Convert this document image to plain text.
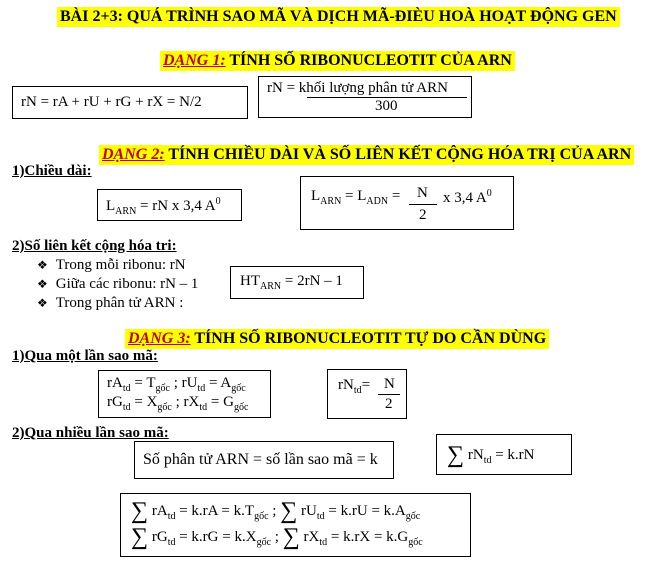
BÀI 2+3: QUÁ TRÌNH SAO MÃ VÀ DỊCH MÃ-ĐIÈU HOÀ HOẠT ĐỘNG GEN
DẠNG 1: TÍNH SỐ RIBONUCLEOTIT CỦA ARN
rN = rA + rU + rG + rX = N/2
rN = khối lượng phân tử ARN
300
DẠNG 2: TÍNH CHIỀU DÀI VÀ SỐ LIÊN KẾT CỘNG HÓA TRỊ CỦA ARN
1)Chiều dài:
$L_{ARN}$ = rN x 3,4 $A^0$	$L_{ARN} = L_{ADN} = N$
2
x 3,4 $A^0$
2)Số liên kết cộng hóa tri:
❖ Trong mỗi ribonu: rN
❖ Giữa các ribonu: rN – 1
❖ Trong phân tử ARN :
$HT_{ARN} = 2rN - 1$
DẠNG 3: TÍNH SỐ RIBONUCLEOTIT TỰ DO CẦN DÙNG
1)Qua một lần sao mã:
$rA_{td} = T_{gốc}$ ; $rU_{td} = A_{gốc}$
$rG_{td} = X_{gốc}$ ; $rX_{td} = G_{gốc}$
$rN_{td}= N$
2
2)Qua nhiều lần sao mã:
Số phân tử ARN = số lần sao mã = k	∑ $rN_{td} = k.rN$
∑ $rA_{td} = k.rA = k.T_{gốc}$ ; ∑ $rU_{td} = k.rU = k.A_{gốc}$
∑ $rG_{td} = k.rG = k.X_{gốc}$ ; ∑ $rX_{td} = k.rX = k.G_{gốc}$
